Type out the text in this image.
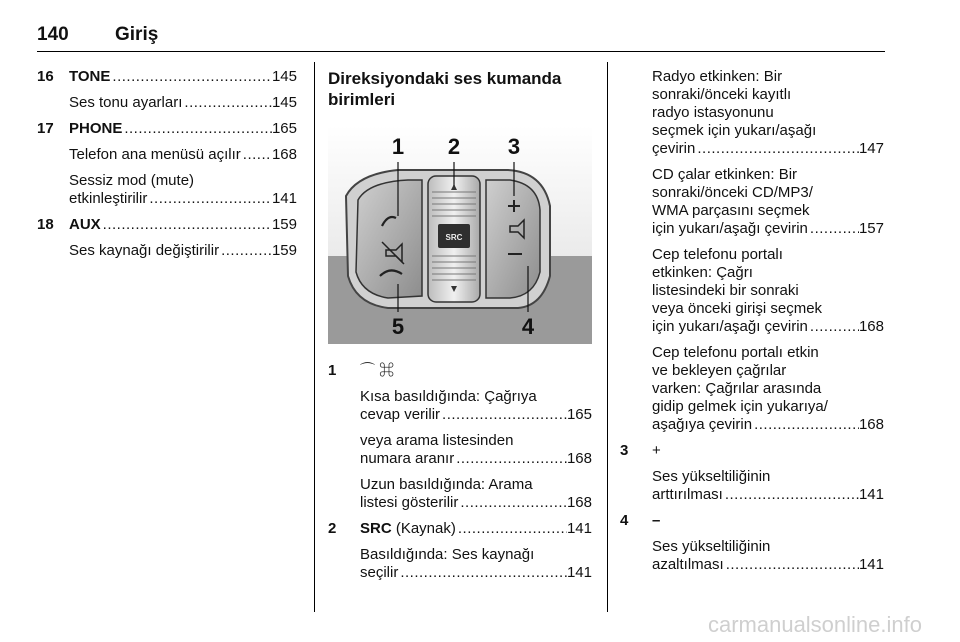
140 Giriş
16 TONE .....	145
Ses tonu ayarları .....	145
17 PHONE .....	165
Telefon ana menüsü açılır ..... 168
Sessiz mod (mute)
etkinleştirilir .....	141
18 AUX .....	159
Ses kaynağı değiştirilir .....	159
Direksiyondaki ses kumanda
birimleri
SRC
1 2 3
4
5
1 ⌒ ⌘
Kısa basıldığında: Çağrıya
cevap verilir .....	165
veya arama listesinden
numara aranır .....	168
Uzun basıldığında: Arama
listesi gösterilir .....	168
2 SRC (Kaynak) .....	141
Basıldığında: Ses kaynağı
seçilir .....	141
Radyo etkinken: Bir
sonraki/önceki kayıtlı
radyo istasyonunu
seçmek için yukarı/aşağı
çevirin .....	147
CD çalar etkinken: Bir
sonraki/önceki CD/MP3/
WMA parçasını seçmek
için yukarı/aşağı çevirin .....	157
Cep telefonu portalı
etkinken: Çağrı
listesindeki bir sonraki
veya önceki girişi seçmek
için yukarı/aşağı çevirin .....	168
Cep telefonu portalı etkin
ve bekleyen çağrılar
varken: Çağrılar arasında
gidip gelmek için yukarıya/
aşağıya çevirin .....	168
3 +
Ses yükseltiliğinin
arttırılması .....	141
4 –
Ses yükseltiliğinin
azaltılması .....	141
carmanualsonline.info
